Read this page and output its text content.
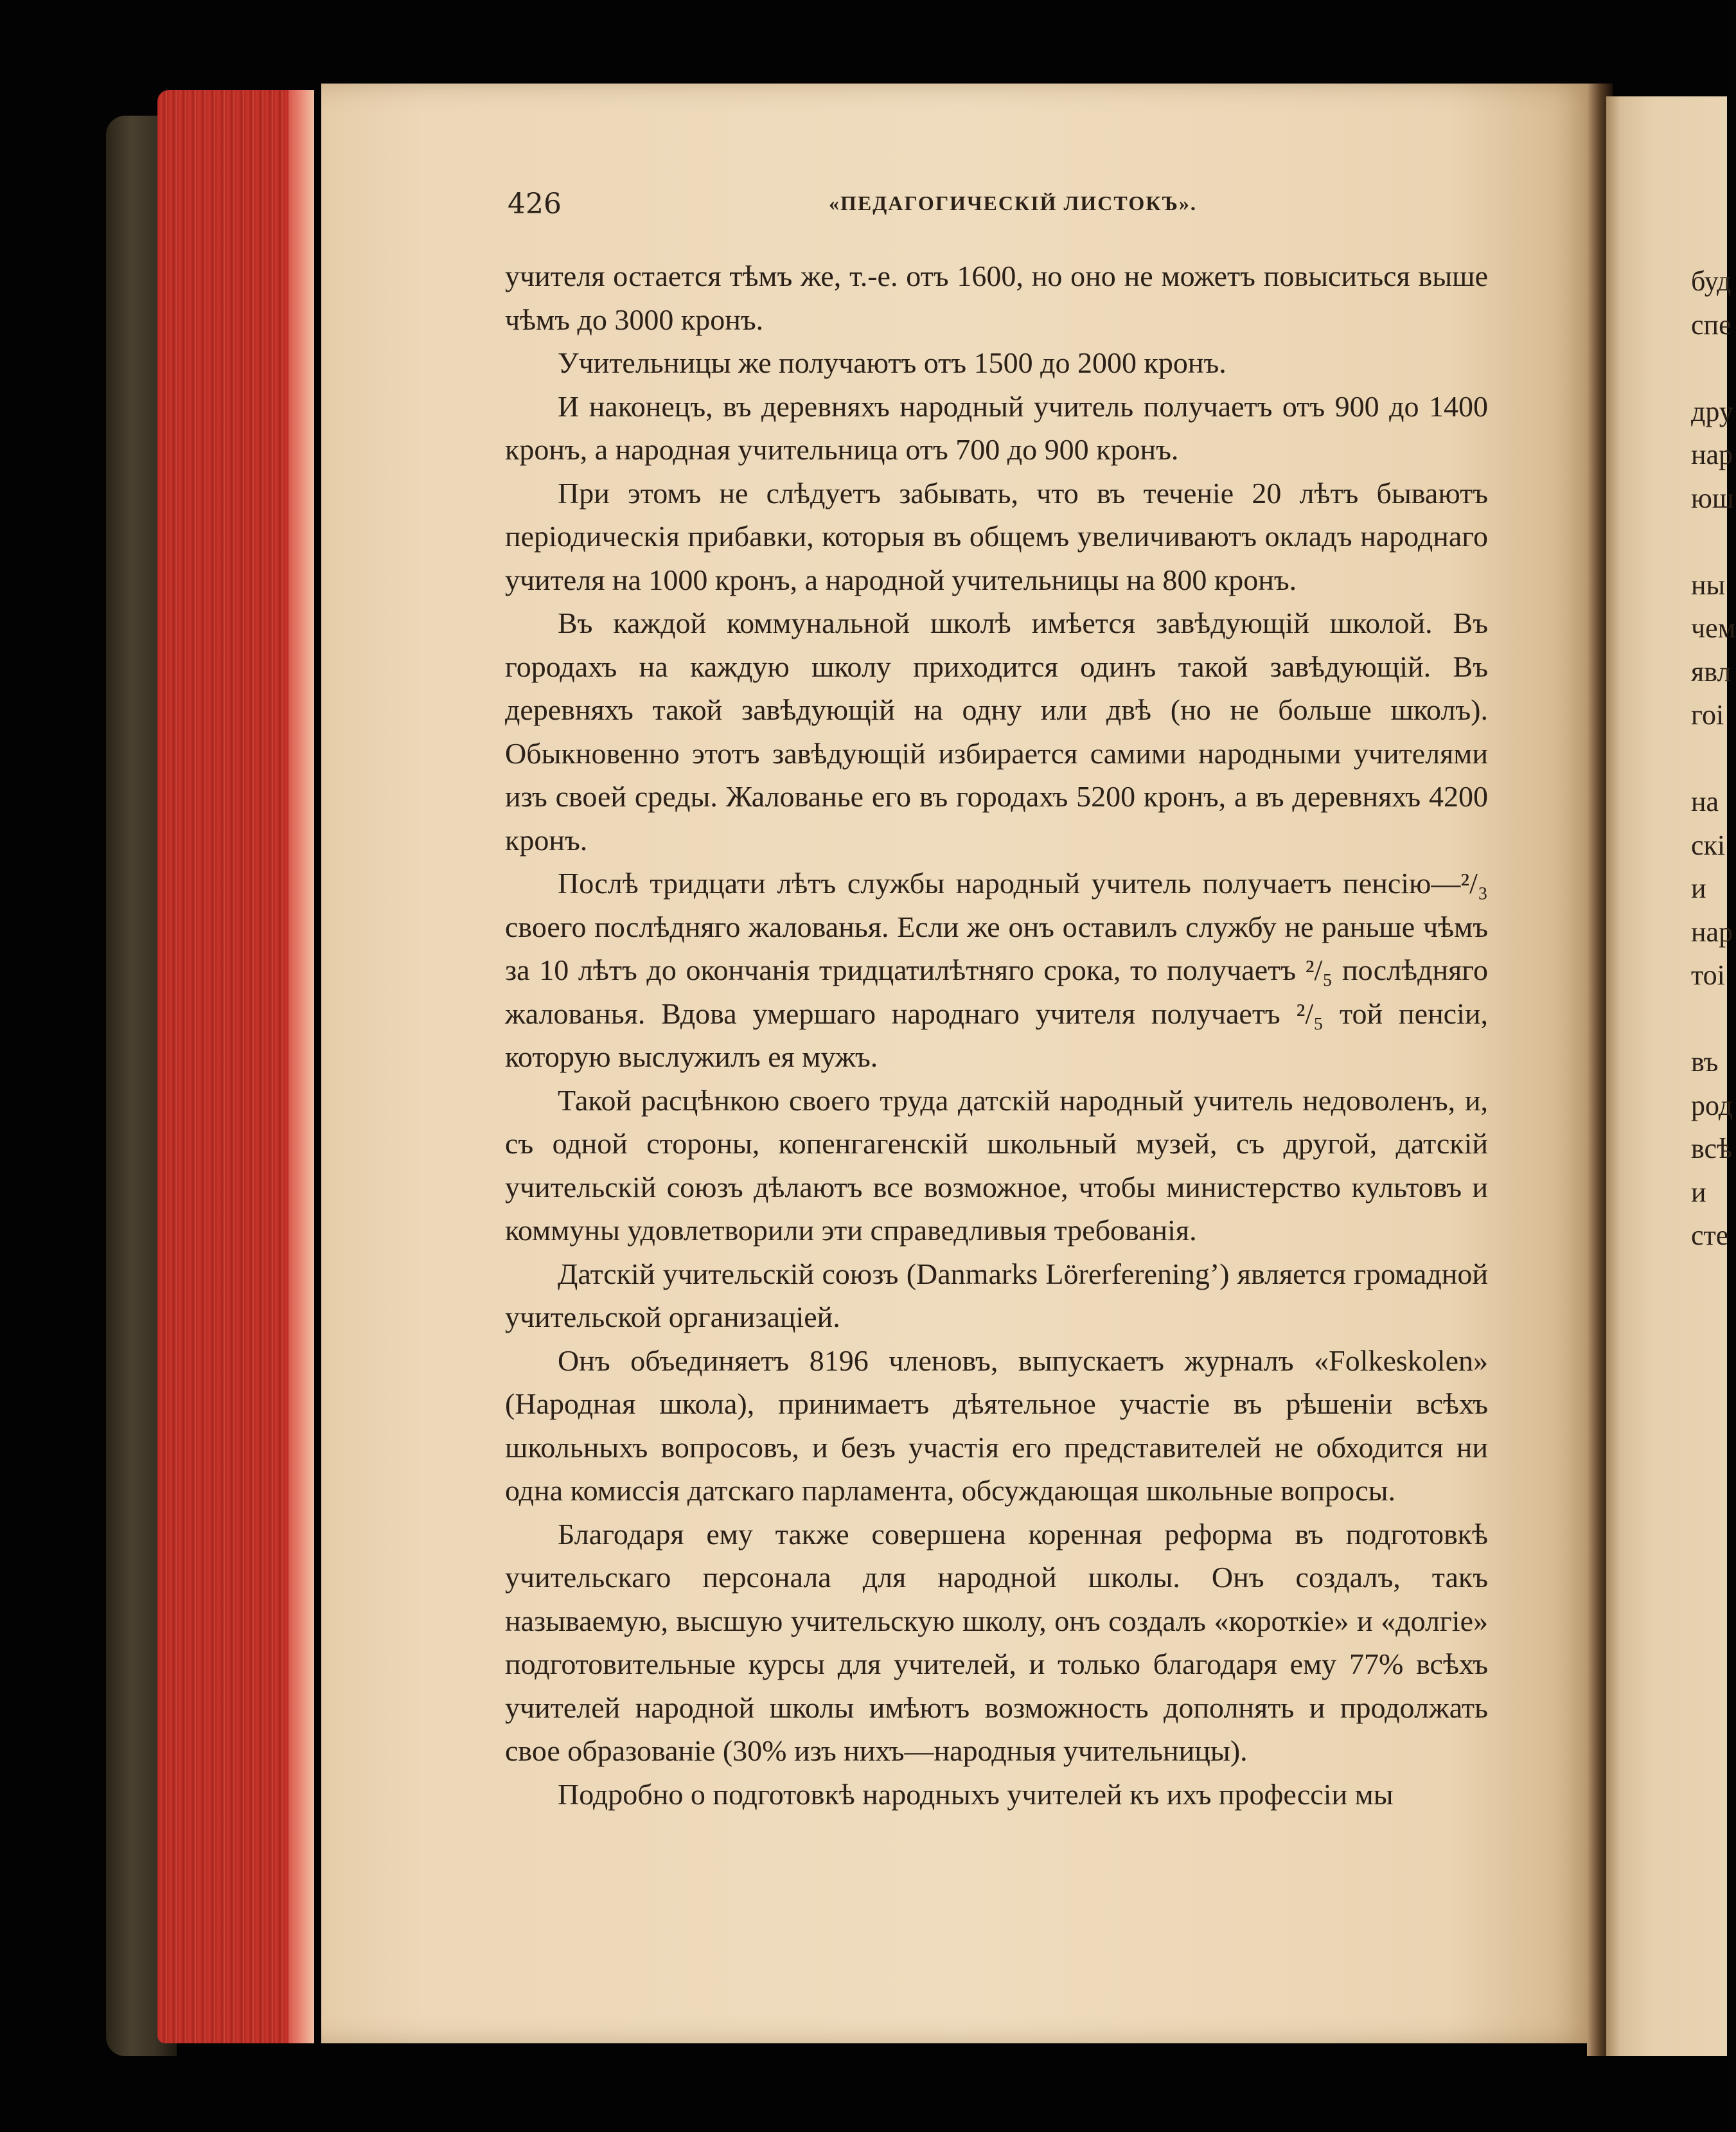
426	«ПЕДАГОГИЧЕСКІЙ ЛИСТОКЪ».

учителя остается тѣмъ же, т.-е. отъ 1600, но оно не можетъ повыситься выше чѣмъ до 3000 кронъ.

Учительницы же получаютъ отъ 1500 до 2000 кронъ.

И наконецъ, въ деревняхъ народный учитель получаетъ отъ 900 до 1400 кронъ, а народная учительница отъ 700 до 900 кронъ.

При этомъ не слѣдуетъ забывать, что въ теченіе 20 лѣтъ бываютъ періодическія прибавки, которыя въ общемъ увеличиваютъ окладъ народнаго учителя на 1000 кронъ, а народной учительницы на 800 кронъ.

Въ каждой коммунальной школѣ имѣется завѣдующій школой. Въ городахъ на каждую школу приходится одинъ такой завѣдующій. Въ деревняхъ такой завѣдующій на одну или двѣ (но не больше школъ). Обыкновенно этотъ завѣдующій избирается самими народными учителями изъ своей среды. Жалованье его въ городахъ 5200 кронъ, а въ деревняхъ 4200 кронъ.

Послѣ тридцати лѣтъ службы народный учитель получаетъ пенсію—²/₃ своего послѣдняго жалованья. Если же онъ оставилъ службу не раньше чѣмъ за 10 лѣтъ до окончанія тридцатилѣтняго срока, то получаетъ ²/₅ послѣдняго жалованья. Вдова умершаго народнаго учителя получаетъ ²/₅ той пенсіи, которую выслужилъ ея мужъ.

Такой расцѣнкою своего труда датскій народный учитель недоволенъ, и, съ одной стороны, копенгагенскій школьный музей, съ другой, датскій учительскій союзъ дѣлаютъ все возможное, чтобы министерство культовъ и коммуны удовлетворили эти справедливыя требованія.

Датскій учительскій союзъ (Danmarks Lörerfereningʼ) является громадной учительской организаціей.

Онъ объединяетъ 8196 членовъ, выпускаетъ журналъ «Folkeskolen» (Народная школа), принимаетъ дѣятельное участіе въ рѣшеніи всѣхъ школьныхъ вопросовъ, и безъ участія его представителей не обходится ни одна комиссія датскаго парламента, обсуждающая школьные вопросы.

Благодаря ему также совершена коренная реформа въ подготовкѣ учительскаго персонала для народной школы. Онъ создалъ, такъ называемую, высшую учительскую школу, онъ создалъ «короткіе» и «долгіе» подготовительные курсы для учителей, и только благодаря ему 77% всѣхъ учителей народной школы имѣютъ возможность дополнять и продолжать свое образованіе (30% изъ нихъ—народныя учительницы).

Подробно о подготовкѣ народныхъ учителей къ ихъ профессіи мы

буд
спе
дру
нар
юш
ны
чем
явл
гоі
на
скі
и
нар
тоі
въ
род
всѣ
и
сте
